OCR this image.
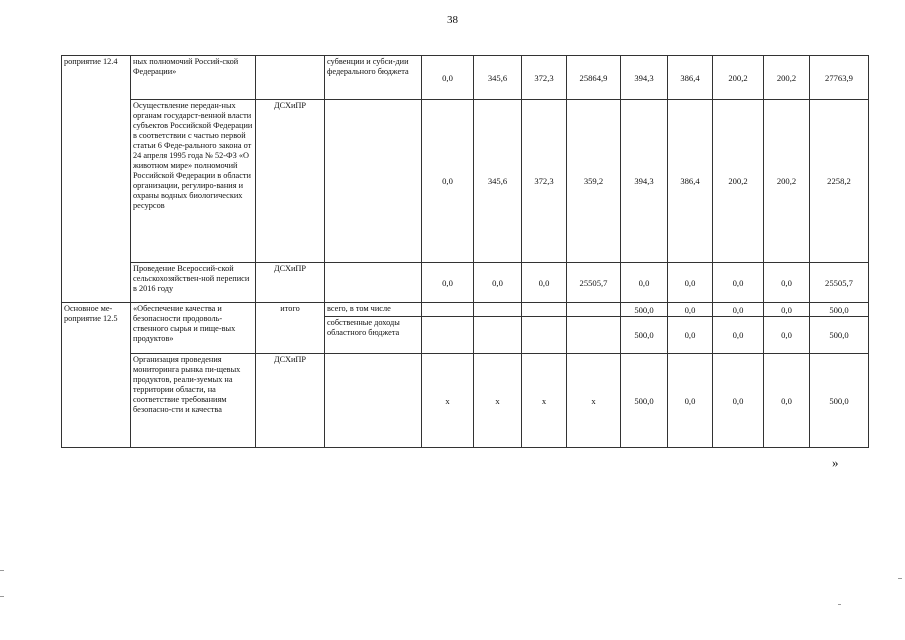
38
роприятие 12.4	ных полномочий Россий-ской Федерации»		субвенции и субси-дии федерального бюджета	0,0	345,6	372,3	25864,9	394,3	386,4	200,2	200,2	27763,9
	Осуществление передан-ных органам государст-венной власти субъектов Российской Федерации в соответствии с частью первой статьи 6 Феде-рального закона от 24 апреля 1995 года № 52-ФЗ «О животном мире» полномочий Российской Федерации в области организации, регулиро-вания и охраны водных биологических ресурсов	ДСХиПР		0,0	345,6	372,3	359,2	394,3	386,4	200,2	200,2	2258,2
	Проведение Всероссий-ской сельскохозяйствен-ной переписи в 2016 году	ДСХиПР		0,0	0,0	0,0	25505,7	0,0	0,0	0,0	0,0	25505,7
Основное ме-роприятие 12.5	«Обеспечение качества и безопасности продоволь-ственного сырья и пище-вых продуктов»	итого	всего, в том числе					500,0	0,0	0,0	0,0	500,0
			собственные доходы областного бюджета					500,0	0,0	0,0	0,0	500,0
	Организация проведения мониторинга рынка пи-щевых продуктов, реали-зуемых на территории области, на соответствие требованиям безопасно-сти и качества	ДСХиПР		x	x	x	x	500,0	0,0	0,0	0,0	500,0
»
